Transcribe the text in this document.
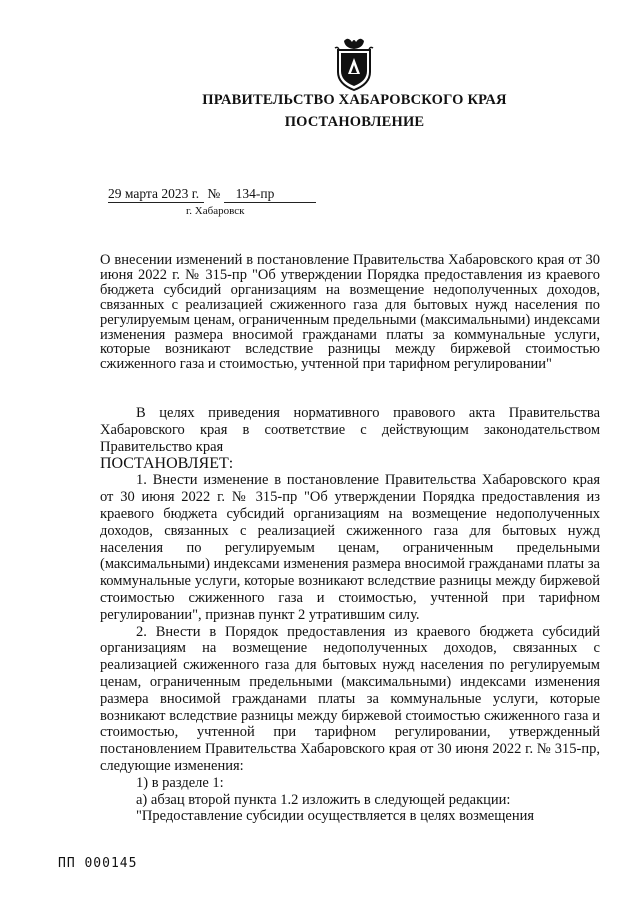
ПРАВИТЕЛЬСТВО ХАБАРОВСКОГО КРАЯ
ПОСТАНОВЛЕНИЕ
29 марта 2023 г. № 134-пр
г. Хабаровск
О внесении изменений в постановление Правительства Хабаровского края от 30 июня 2022 г. № 315-пр "Об утверждении Порядка предоставления из краевого бюджета субсидий организациям на возмещение недополученных доходов, связанных с реализацией сжиженного газа для бытовых нужд населения по регулируемым ценам, ограниченным предельными (максимальными) индексами изменения размера вносимой гражданами платы за коммунальные услуги, которые возникают вследствие разницы между биржевой стоимостью сжиженного газа и стоимостью, учтенной при тарифном регулировании"

В целях приведения нормативного правового акта Правительства Хабаровского края в соответствие с действующим законодательством Правительство края

ПОСТАНОВЛЯЕТ:

1. Внести изменение в постановление Правительства Хабаровского края от 30 июня 2022 г. № 315-пр "Об утверждении Порядка предоставления из краевого бюджета субсидий организациям на возмещение недополученных доходов, связанных с реализацией сжиженного газа для бытовых нужд населения по регулируемым ценам, ограниченным предельными (максимальными) индексами изменения размера вносимой гражданами платы за коммунальные услуги, которые возникают вследствие разницы между биржевой стоимостью сжиженного газа и стоимостью, учтенной при тарифном регулировании", признав пункт 2 утратившим силу.

2. Внести в Порядок предоставления из краевого бюджета субсидий организациям на возмещение недополученных доходов, связанных с реализацией сжиженного газа для бытовых нужд населения по регулируемым ценам, ограниченным предельными (максимальными) индексами изменения размера вносимой гражданами платы за коммунальные услуги, которые возникают вследствие разницы между биржевой стоимостью сжиженного газа и стоимостью, учтенной при тарифном регулировании, утвержденный постановлением Правительства Хабаровского края от 30 июня 2022 г. № 315-пр, следующие изменения:

1) в разделе 1:

а) абзац второй пункта 1.2 изложить в следующей редакции:

"Предоставление субсидии осуществляется в целях возмещения

ПП 000145
